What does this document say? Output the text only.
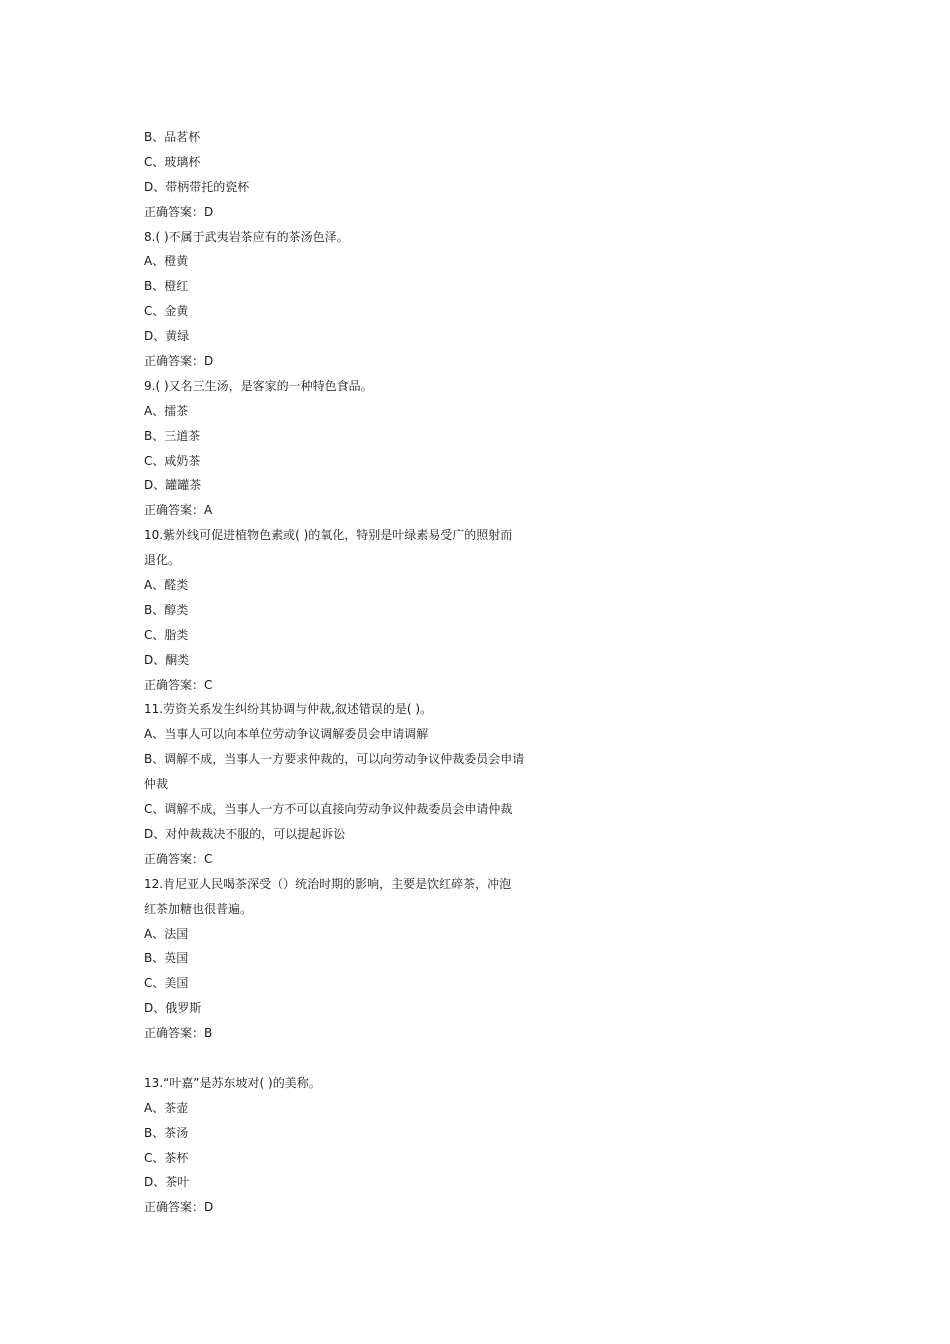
B、品茗杯
C、玻璃杯
D、带柄带托的瓷杯
正确答案：D
8.( )不属于武夷岩茶应有的茶汤色泽。
A、橙黄
B、橙红
C、金黄
D、黄绿
正确答案：D
9.( )又名三生汤，是客家的一种特色食品。
A、擂茶
B、三道茶
C、咸奶茶
D、罐罐茶
正确答案：A
10.紫外线可促进植物色素或( )的氧化，特别是叶绿素易受广的照射而
退化。
A、醛类
B、醇类
C、脂类
D、酮类
正确答案：C
11.劳资关系发生纠纷其协调与仲裁,叙述错误的是( )。
A、当事人可以向本单位劳动争议调解委员会申请调解
B、调解不成，当事人一方要求仲裁的，可以向劳动争议仲裁委员会申请
仲裁
C、调解不成，当事人一方不可以直接向劳动争议仲裁委员会申请仲裁
D、对仲裁裁决不服的，可以提起诉讼
正确答案：C
12.肯尼亚人民喝茶深受（）统治时期的影响，主要是饮红碎茶，冲泡
红茶加糖也很普遍。
A、法国
B、英国
C、美国
D、俄罗斯
正确答案：B
13.“叶嘉”是苏东坡对( )的美称。
A、茶壶
B、茶汤
C、茶杯
D、茶叶
正确答案：D
